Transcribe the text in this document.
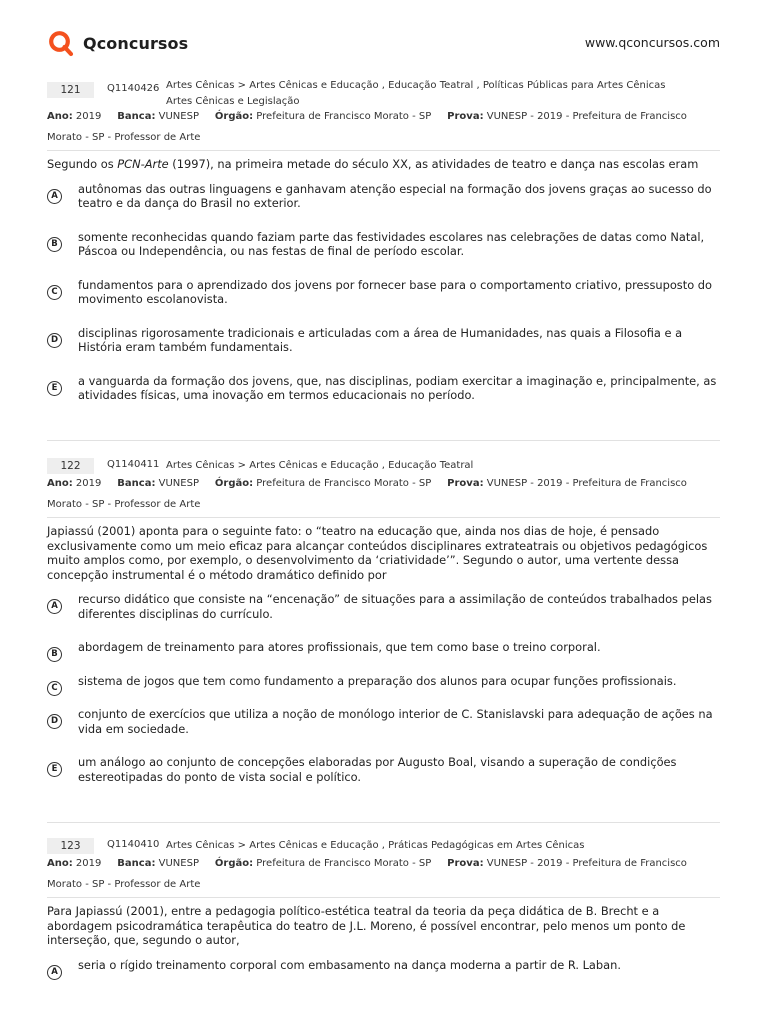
Qconcursos	www.qconcursos.com
121	Q1140426 Artes Cênicas > Artes Cênicas e Educação , Educação Teatral , Políticas Públicas para Artes Cênicas
Artes Cênicas e Legislação
Ano: 2019 Banca: VUNESP Órgão: Prefeitura de Francisco Morato - SP Prova: VUNESP - 2019 - Prefeitura de Francisco Morato - SP - Professor de Arte
Segundo os PCN-Arte (1997), na primeira metade do século XX, as atividades de teatro e dança nas escolas eram
A	autônomas das outras linguagens e ganhavam atenção especial na formação dos jovens graças ao sucesso do teatro e da dança do Brasil no exterior.
B	somente reconhecidas quando faziam parte das festividades escolares nas celebrações de datas como Natal, Páscoa ou Independência, ou nas festas de final de período escolar.
C	fundamentos para o aprendizado dos jovens por fornecer base para o comportamento criativo, pressuposto do movimento escolanovista.
D	disciplinas rigorosamente tradicionais e articuladas com a área de Humanidades, nas quais a Filosofia e a História eram também fundamentais.
E	a vanguarda da formação dos jovens, que, nas disciplinas, podiam exercitar a imaginação e, principalmente, as atividades físicas, uma inovação em termos educacionais no período.
122	Q1140411 Artes Cênicas > Artes Cênicas e Educação , Educação Teatral
Ano: 2019 Banca: VUNESP Órgão: Prefeitura de Francisco Morato - SP Prova: VUNESP - 2019 - Prefeitura de Francisco Morato - SP - Professor de Arte
Japiassú (2001) aponta para o seguinte fato: o “teatro na educação que, ainda nos dias de hoje, é pensado exclusivamente como um meio eficaz para alcançar conteúdos disciplinares extrateatrais ou objetivos pedagógicos muito amplos como, por exemplo, o desenvolvimento da ‘criatividade’”. Segundo o autor, uma vertente dessa concepção instrumental é o método dramático definido por
A	recurso didático que consiste na “encenação” de situações para a assimilação de conteúdos trabalhados pelas diferentes disciplinas do currículo.
B	abordagem de treinamento para atores profissionais, que tem como base o treino corporal.
C	sistema de jogos que tem como fundamento a preparação dos alunos para ocupar funções profissionais.
D	conjunto de exercícios que utiliza a noção de monólogo interior de C. Stanislavski para adequação de ações na vida em sociedade.
E	um análogo ao conjunto de concepções elaboradas por Augusto Boal, visando a superação de condições estereotipadas do ponto de vista social e político.
123	Q1140410 Artes Cênicas > Artes Cênicas e Educação , Práticas Pedagógicas em Artes Cênicas
Ano: 2019 Banca: VUNESP Órgão: Prefeitura de Francisco Morato - SP Prova: VUNESP - 2019 - Prefeitura de Francisco Morato - SP - Professor de Arte
Para Japiassú (2001), entre a pedagogia político-estética teatral da teoria da peça didática de B. Brecht e a abordagem psicodramática terapêutica do teatro de J.L. Moreno, é possível encontrar, pelo menos um ponto de interseção, que, segundo o autor,
A	seria o rígido treinamento corporal com embasamento na dança moderna a partir de R. Laban.
